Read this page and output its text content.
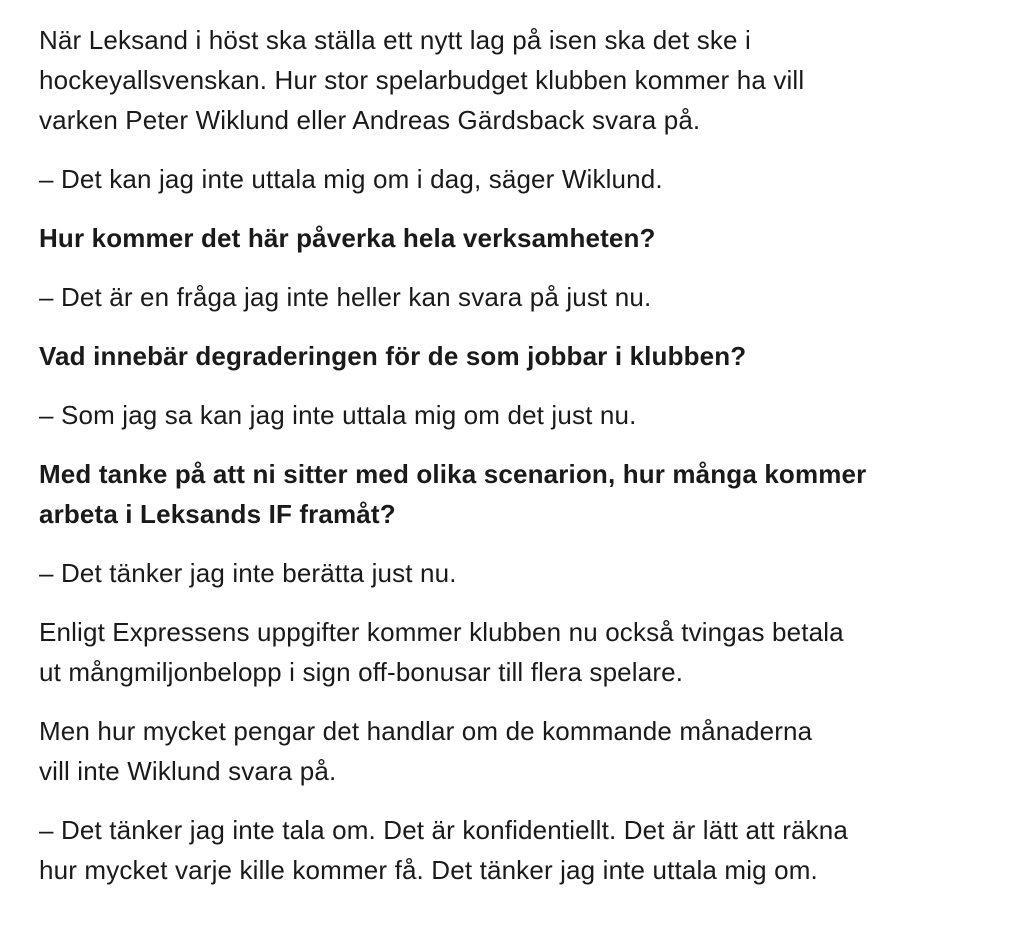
När Leksand i höst ska ställa ett nytt lag på isen ska det ske i
hockeyallsvenskan. Hur stor spelarbudget klubben kommer ha vill
varken Peter Wiklund eller Andreas Gärdsback svara på.

– Det kan jag inte uttala mig om i dag, säger Wiklund.

Hur kommer det här påverka hela verksamheten?

– Det är en fråga jag inte heller kan svara på just nu.

Vad innebär degraderingen för de som jobbar i klubben?

– Som jag sa kan jag inte uttala mig om det just nu.

Med tanke på att ni sitter med olika scenarion, hur många kommer
arbeta i Leksands IF framåt?

– Det tänker jag inte berätta just nu.

Enligt Expressens uppgifter kommer klubben nu också tvingas betala
ut mångmiljonbelopp i sign off-bonusar till flera spelare.

Men hur mycket pengar det handlar om de kommande månaderna
vill inte Wiklund svara på.

– Det tänker jag inte tala om. Det är konfidentiellt. Det är lätt att räkna
hur mycket varje kille kommer få. Det tänker jag inte uttala mig om.
